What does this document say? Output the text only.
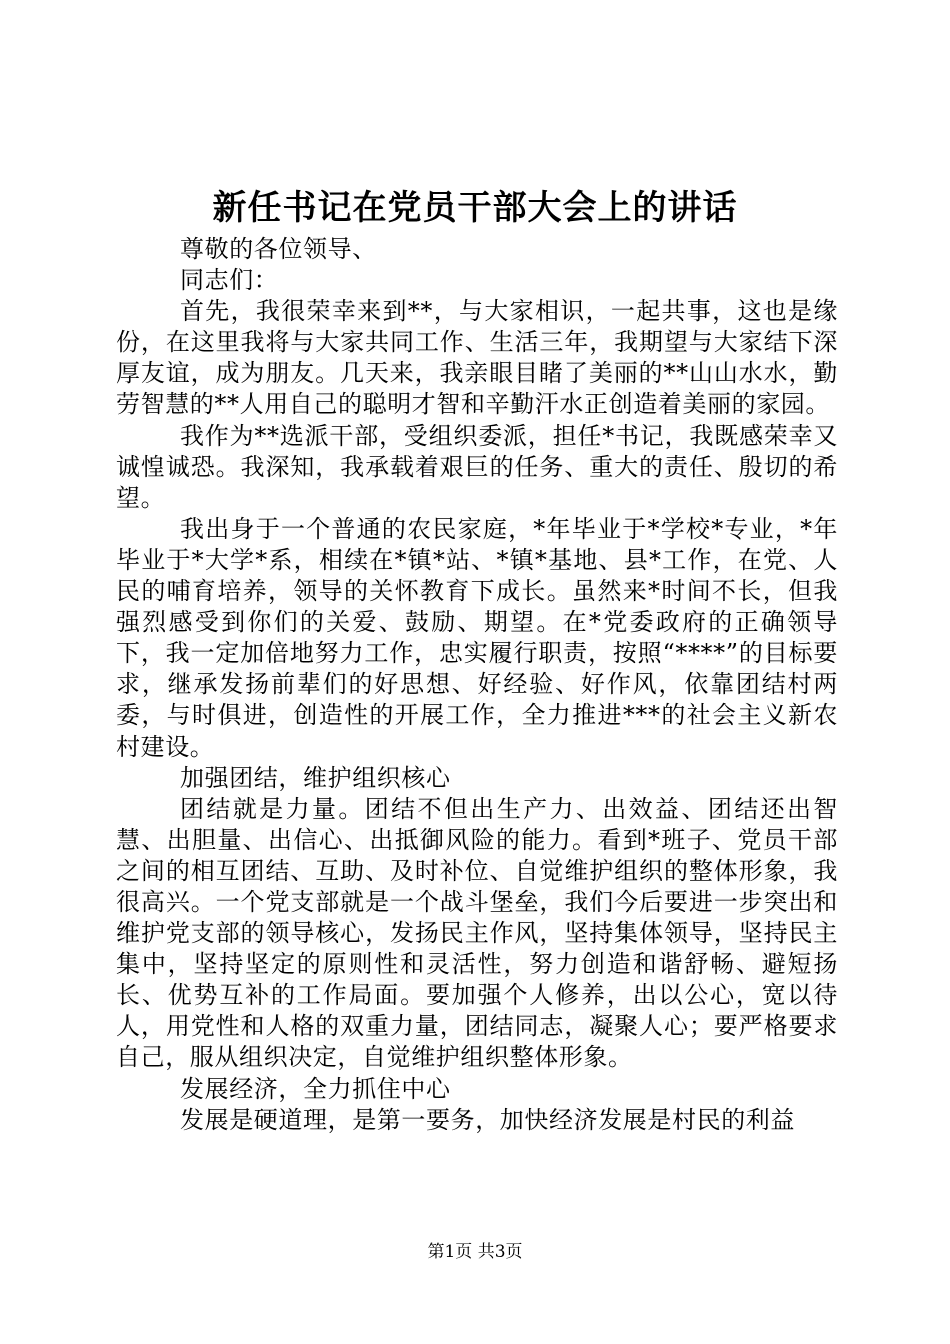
新任书记在党员干部大会上的讲话

尊敬的各位领导、

同志们：

首先，我很荣幸来到**，与大家相识，一起共事，这也是缘份，在这里我将与大家共同工作、生活三年，我期望与大家结下深厚友谊，成为朋友。几天来，我亲眼目睹了美丽的**山山水水，勤劳智慧的**人用自己的聪明才智和辛勤汗水正创造着美丽的家园。

我作为**选派干部，受组织委派，担任*书记，我既感荣幸又诚惶诚恐。我深知，我承载着艰巨的任务、重大的责任、殷切的希望。

我出身于一个普通的农民家庭，*年毕业于*学校*专业，*年毕业于*大学*系，相续在*镇*站、*镇*基地、县*工作，在党、人民的哺育培养，领导的关怀教育下成长。虽然来*时间不长，但我强烈感受到你们的关爱、鼓励、期望。在*党委政府的正确领导下，我一定加倍地努力工作，忠实履行职责，按照“****”的目标要求，继承发扬前辈们的好思想、好经验、好作风，依靠团结村两委，与时俱进，创造性的开展工作，全力推进***的社会主义新农村建设。

加强团结，维护组织核心

团结就是力量。团结不但出生产力、出效益、团结还出智慧、出胆量、出信心、出抵御风险的能力。看到*班子、党员干部之间的相互团结、互助、及时补位、自觉维护组织的整体形象，我很高兴。一个党支部就是一个战斗堡垒，我们今后要进一步突出和维护党支部的领导核心，发扬民主作风，坚持集体领导，坚持民主集中，坚持坚定的原则性和灵活性，努力创造和谐舒畅、避短扬长、优势互补的工作局面。要加强个人修养，出以公心，宽以待人，用党性和人格的双重力量，团结同志，凝聚人心；要严格要求自己，服从组织决定，自觉维护组织整体形象。

发展经济，全力抓住中心

发展是硬道理，是第一要务，加快经济发展是村民的利益

第1页 共3页
